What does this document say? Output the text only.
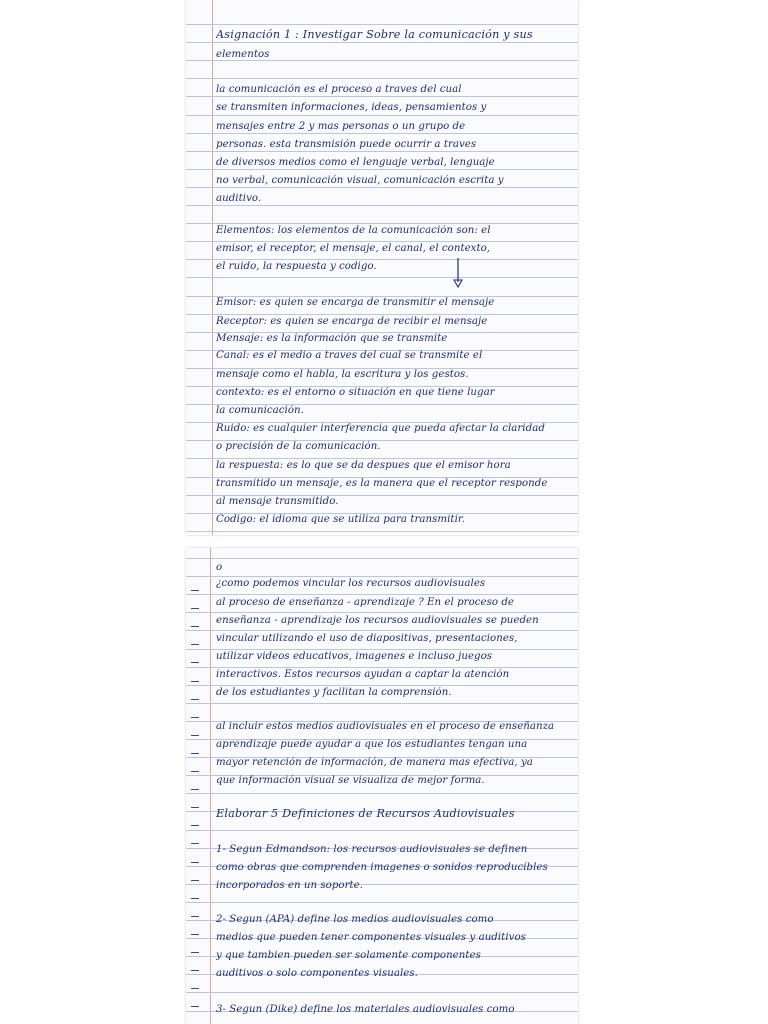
Asignación 1 : Investigar Sobre la comunicación y sus
elementos
la comunicación es el proceso a traves del cual
se transmiten informaciones, ideas, pensamientos y
mensajes entre 2 y mas personas o un grupo de
personas. esta transmisión puede ocurrir a traves
de diversos medios como el lenguaje verbal, lenguaje
no verbal, comunicación visual, comunicación escrita y
auditivo.
Elementos: los elementos de la comunicación son: el
emisor, el receptor, el mensaje, el canal, el contexto,
el ruido, la respuesta y codigo.
Emisor: es quien se encarga de transmitir el mensaje
Receptor: es quien se encarga de recibir el mensaje
Mensaje: es la información que se transmite
Canal: es el medio a traves del cual se transmite el
mensaje como el habla, la escritura y los gestos.
contexto: es el entorno o situación en que tiene lugar
la comunicación.
Ruido: es cualquier interferencia que pueda afectar la claridad
o precisión de la comunicación.
la respuesta: es lo que se da despues que el emisor hora
transmitido un mensaje, es la manera que el receptor responde
al mensaje transmitido.
Codigo: el idioma que se utiliza para transmitir.
o
¿como podemos vincular los recursos audiovisuales
al proceso de enseñanza - aprendizaje ? En el proceso de
enseñanza - aprendizaje los recursos audiovisuales se pueden
vincular utilizando el uso de diapositivas, presentaciones,
utilizar videos educativos, imagenes e incluso juegos
interactivos. Estos recursos ayudan a captar la atención
de los estudiantes y facilitan la comprensión.
al incluir estos medios audiovisuales en el proceso de enseñanza
aprendizaje puede ayudar a que los estudiantes tengan una
mayor retención de información, de manera mas efectiva, ya
que información visual se visualiza de mejor forma.
Elaborar 5 Definiciones de Recursos Audiovisuales
1- Segun Edmandson: los recursos audiovisuales se definen
como obras que comprenden imagenes o sonidos reproducibles
incorporados en un soporte.
2- Segun (APA) define los medios audiovisuales como
medios que pueden tener componentes visuales y auditivos
y que tambien pueden ser solamente componentes
auditivos o solo componentes visuales.
3- Segun (Dike) define los materiales audiovisuales como
